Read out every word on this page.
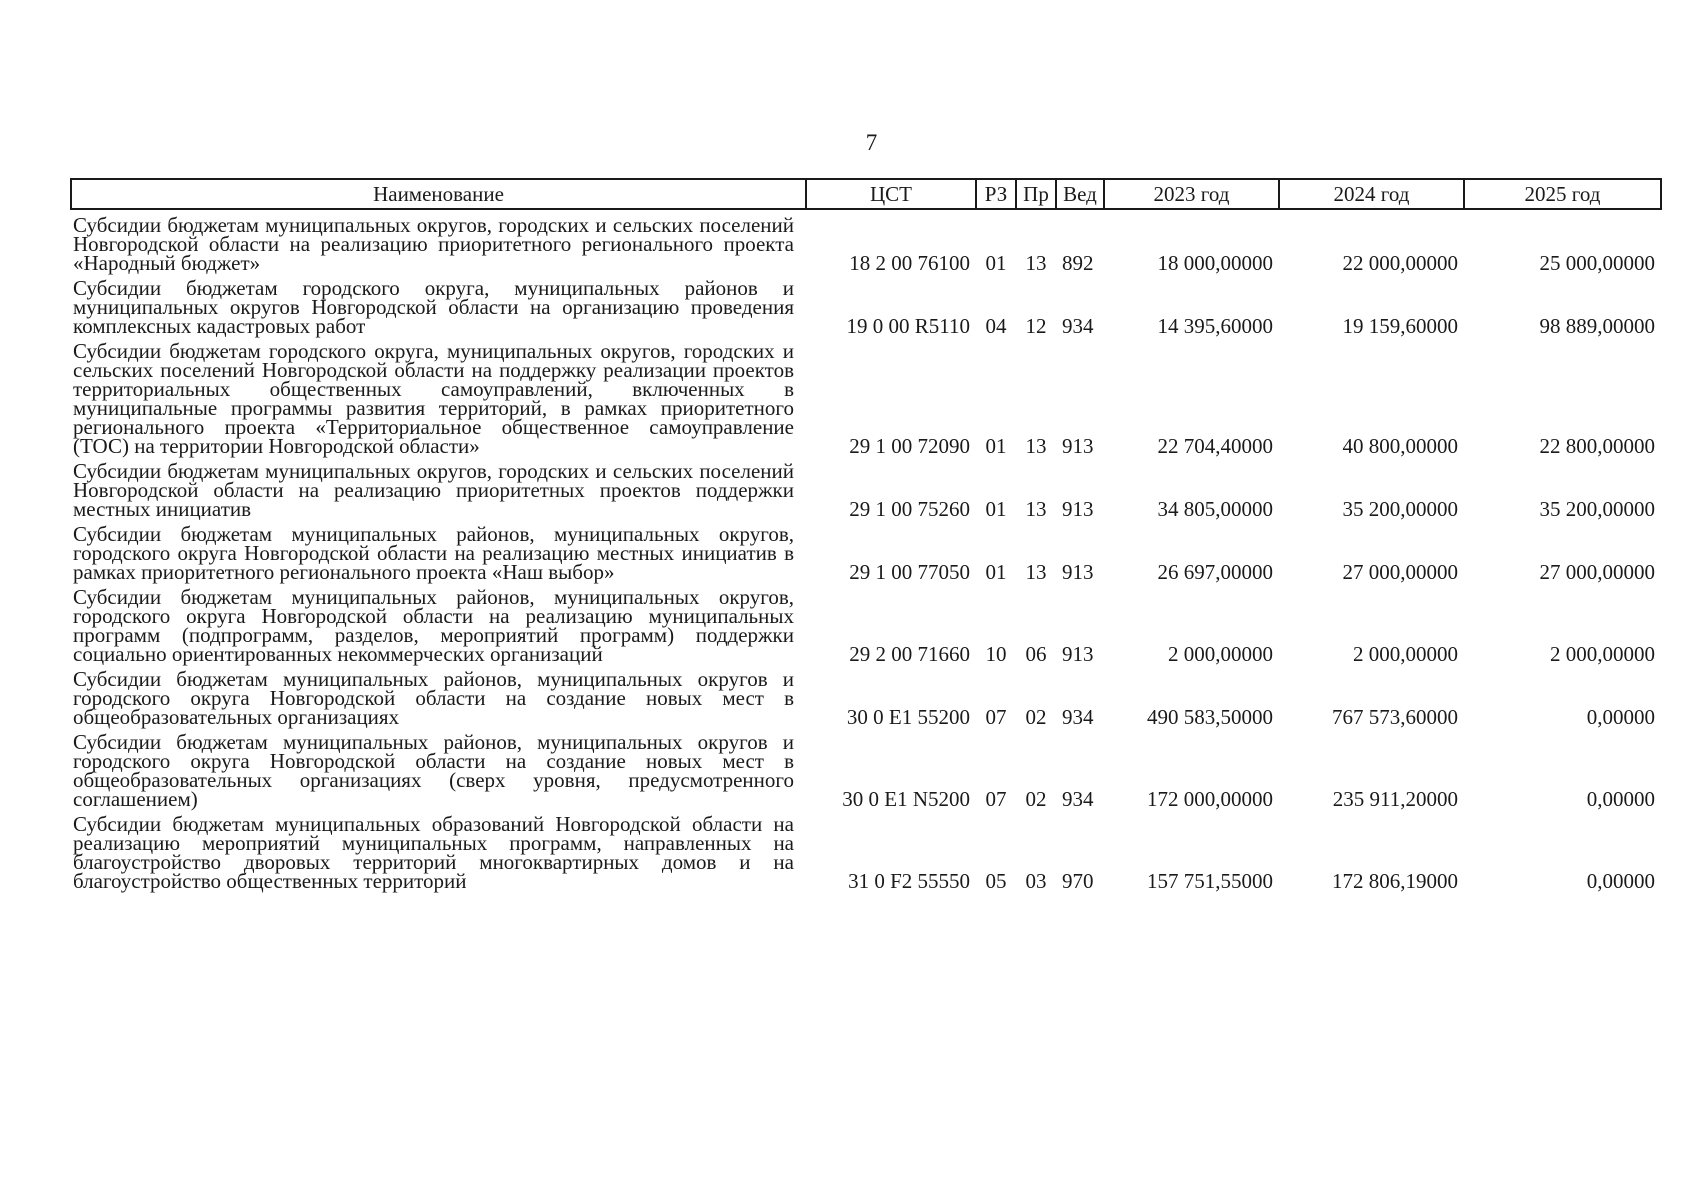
7
Наименование	ЦСТ	РЗ	Пр	Вед	2023 год	2024 год	2025 год
Субсидии бюджетам муниципальных округов, городских и сельских поселений Новгородской области на реализацию приоритетного регионального проекта «Народный бюджет»	18 2 00 76100	01	13	892	18 000,00000	22 000,00000	25 000,00000
Субсидии бюджетам городского округа, муниципальных районов и муниципальных округов Новгородской области на организацию проведения комплексных кадастровых работ	19 0 00 R5110	04	12	934	14 395,60000	19 159,60000	98 889,00000
Субсидии бюджетам городского округа, муниципальных округов, городских и сельских поселений Новгородской области на поддержку реализации проектов территориальных общественных самоуправлений, включенных в муниципальные программы развития территорий, в рамках приоритетного регионального проекта «Территориальное общественное самоуправление (ТОС) на территории Новгородской области»	29 1 00 72090	01	13	913	22 704,40000	40 800,00000	22 800,00000
Субсидии бюджетам муниципальных округов, городских и сельских поселений Новгородской области на реализацию приоритетных проектов поддержки местных инициатив	29 1 00 75260	01	13	913	34 805,00000	35 200,00000	35 200,00000
Субсидии бюджетам муниципальных районов, муниципальных округов, городского округа Новгородской области на реализацию местных инициатив в рамках приоритетного регионального проекта «Наш выбор»	29 1 00 77050	01	13	913	26 697,00000	27 000,00000	27 000,00000
Субсидии бюджетам муниципальных районов, муниципальных округов, городского округа Новгородской области на реализацию муниципальных программ (подпрограмм, разделов, мероприятий программ) поддержки социально ориентированных некоммерческих организаций	29 2 00 71660	10	06	913	2 000,00000	2 000,00000	2 000,00000
Субсидии бюджетам муниципальных районов, муниципальных округов и городского округа Новгородской области на создание новых мест в общеобразовательных организациях	30 0 E1 55200	07	02	934	490 583,50000	767 573,60000	0,00000
Субсидии бюджетам муниципальных районов, муниципальных округов и городского округа Новгородской области на создание новых мест в общеобразовательных организациях (сверх уровня, предусмотренного соглашением)	30 0 E1 N5200	07	02	934	172 000,00000	235 911,20000	0,00000
Субсидии бюджетам муниципальных образований Новгородской области на реализацию мероприятий муниципальных программ, направленных на благоустройство дворовых территорий многоквартирных домов и на благоустройство общественных территорий	31 0 F2 55550	05	03	970	157 751,55000	172 806,19000	0,00000
